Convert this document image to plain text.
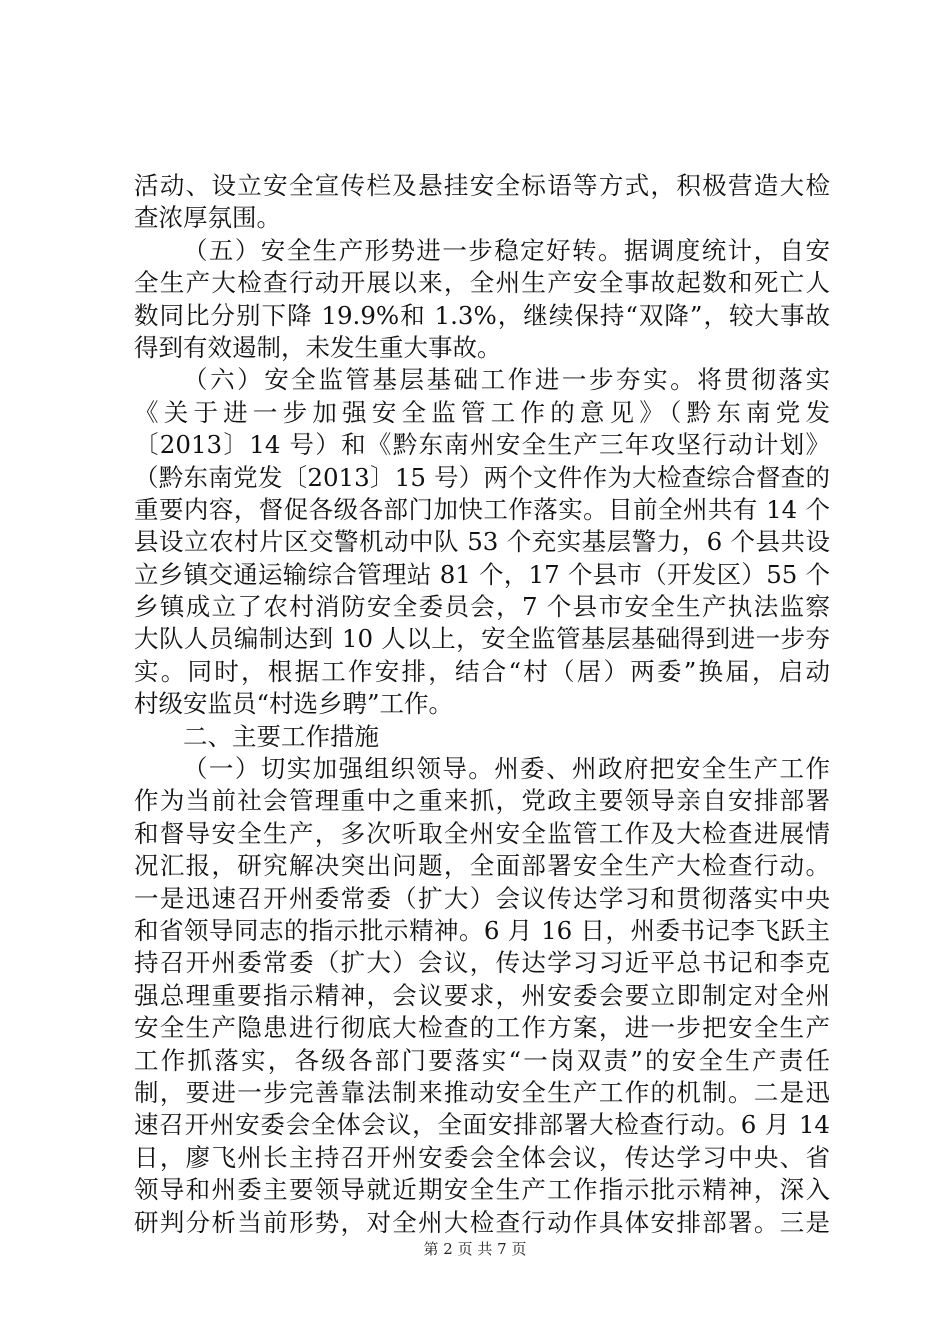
活动、设立安全宣传栏及悬挂安全标语等方式，积极营造大检
查浓厚氛围。
（五）安全生产形势进一步稳定好转。据调度统计，自安
全生产大检查行动开展以来，全州生产安全事故起数和死亡人
数同比分别下降 19.9%和 1.3%，继续保持“双降”，较大事故
得到有效遏制，未发生重大事故。
（六）安全监管基层基础工作进一步夯实。将贯彻落实
《关于进一步加强安全监管工作的意见》（黔东南党发
〔2013〕14 号）和《黔东南州安全生产三年攻坚行动计划》
（黔东南党发〔2013〕15 号）两个文件作为大检查综合督查的
重要内容，督促各级各部门加快工作落实。目前全州共有 14 个
县设立农村片区交警机动中队 53 个充实基层警力，6 个县共设
立乡镇交通运输综合管理站 81 个，17 个县市（开发区）55 个
乡镇成立了农村消防安全委员会，7 个县市安全生产执法监察
大队人员编制达到 10 人以上，安全监管基层基础得到进一步夯
实。同时，根据工作安排，结合“村（居）两委”换届，启动
村级安监员“村选乡聘”工作。
二、主要工作措施
（一）切实加强组织领导。州委、州政府把安全生产工作
作为当前社会管理重中之重来抓，党政主要领导亲自安排部署
和督导安全生产，多次听取全州安全监管工作及大检查进展情
况汇报，研究解决突出问题，全面部署安全生产大检查行动。
一是迅速召开州委常委（扩大）会议传达学习和贯彻落实中央
和省领导同志的指示批示精神。6 月 16 日，州委书记李飞跃主
持召开州委常委（扩大）会议，传达学习习近平总书记和李克
强总理重要指示精神，会议要求，州安委会要立即制定对全州
安全生产隐患进行彻底大检查的工作方案，进一步把安全生产
工作抓落实，各级各部门要落实“一岗双责”的安全生产责任
制，要进一步完善靠法制来推动安全生产工作的机制。二是迅
速召开州安委会全体会议，全面安排部署大检查行动。6 月 14
日，廖飞州长主持召开州安委会全体会议，传达学习中央、省
领导和州委主要领导就近期安全生产工作指示批示精神，深入
研判分析当前形势，对全州大检查行动作具体安排部署。三是
第 2 页 共 7 页
